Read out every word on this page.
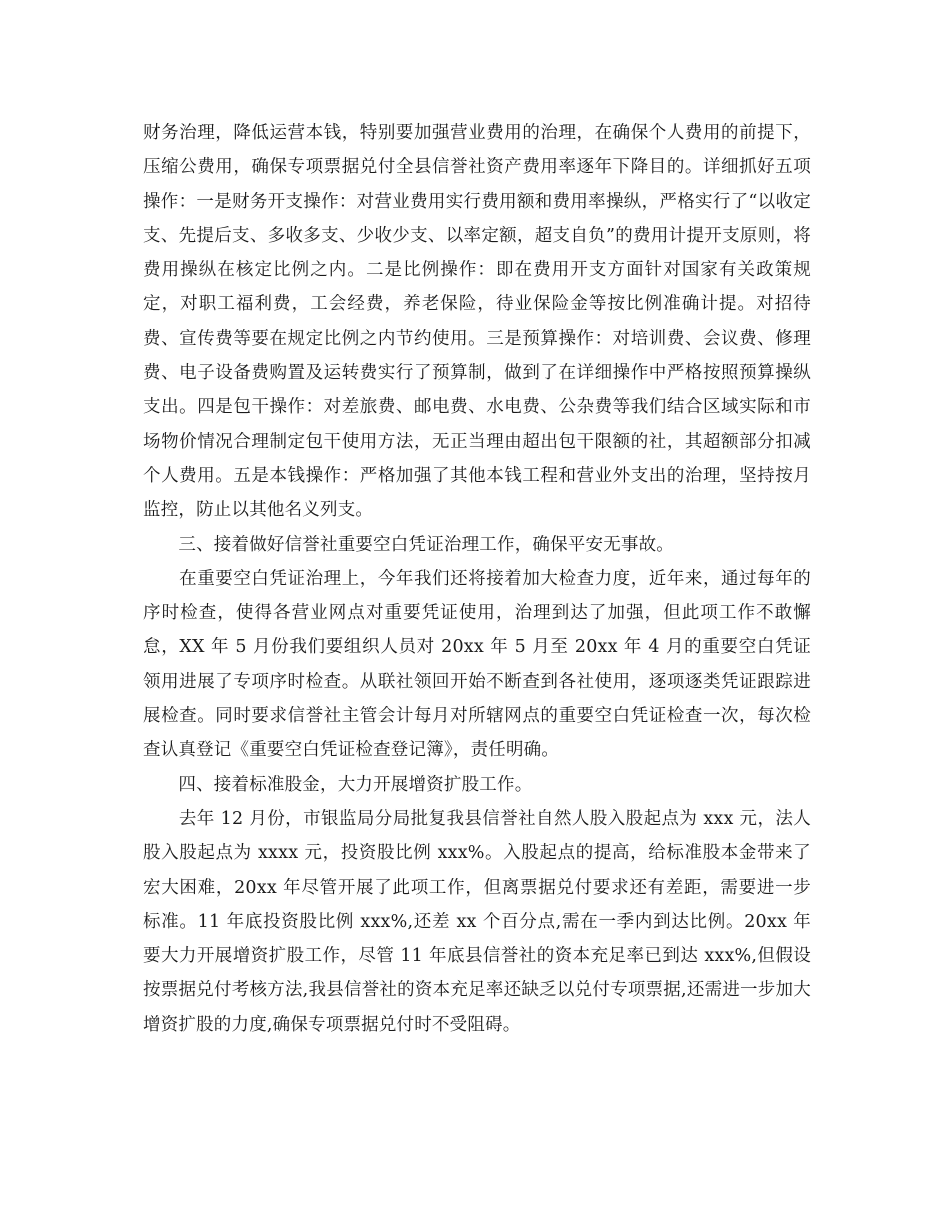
财务治理，降低运营本钱，特别要加强营业费用的治理，在确保个人费用的前提下，压缩公费用，确保专项票据兑付全县信誉社资产费用率逐年下降目的。详细抓好五项操作：一是财务开支操作：对营业费用实行费用额和费用率操纵，严格实行了“以收定支、先提后支、多收多支、少收少支、以率定额，超支自负”的费用计提开支原则，将费用操纵在核定比例之内。二是比例操作：即在费用开支方面针对国家有关政策规定，对职工福利费，工会经费，养老保险，待业保险金等按比例准确计提。对招待费、宣传费等要在规定比例之内节约使用。三是预算操作：对培训费、会议费、修理费、电子设备费购置及运转费实行了预算制，做到了在详细操作中严格按照预算操纵支出。四是包干操作：对差旅费、邮电费、水电费、公杂费等我们结合区域实际和市场物价情况合理制定包干使用方法，无正当理由超出包干限额的社，其超额部分扣减个人费用。五是本钱操作：严格加强了其他本钱工程和营业外支出的治理，坚持按月监控，防止以其他名义列支。

　　三、接着做好信誉社重要空白凭证治理工作，确保平安无事故。

　　在重要空白凭证治理上，今年我们还将接着加大检查力度，近年来，通过每年的序时检查，使得各营业网点对重要凭证使用，治理到达了加强，但此项工作不敢懈怠，XX 年 5 月份我们要组织人员对 20xx 年 5 月至 20xx 年 4 月的重要空白凭证领用进展了专项序时检查。从联社领回开始不断查到各社使用，逐项逐类凭证跟踪进展检查。同时要求信誉社主管会计每月对所辖网点的重要空白凭证检查一次，每次检查认真登记《重要空白凭证检查登记簿》，责任明确。

　　四、接着标准股金，大力开展增资扩股工作。

　　去年 12 月份，市银监局分局批复我县信誉社自然人股入股起点为 xxx 元，法人股入股起点为 xxxx 元，投资股比例 xxx%。入股起点的提高，给标准股本金带来了宏大困难，20xx 年尽管开展了此项工作，但离票据兑付要求还有差距，需要进一步标准。11 年底投资股比例 xxx%,还差 xx 个百分点,需在一季内到达比例。20xx 年要大力开展增资扩股工作，尽管 11 年底县信誉社的资本充足率已到达 xxx%,但假设按票据兑付考核方法,我县信誉社的资本充足率还缺乏以兑付专项票据,还需进一步加大增资扩股的力度,确保专项票据兑付时不受阻碍。
